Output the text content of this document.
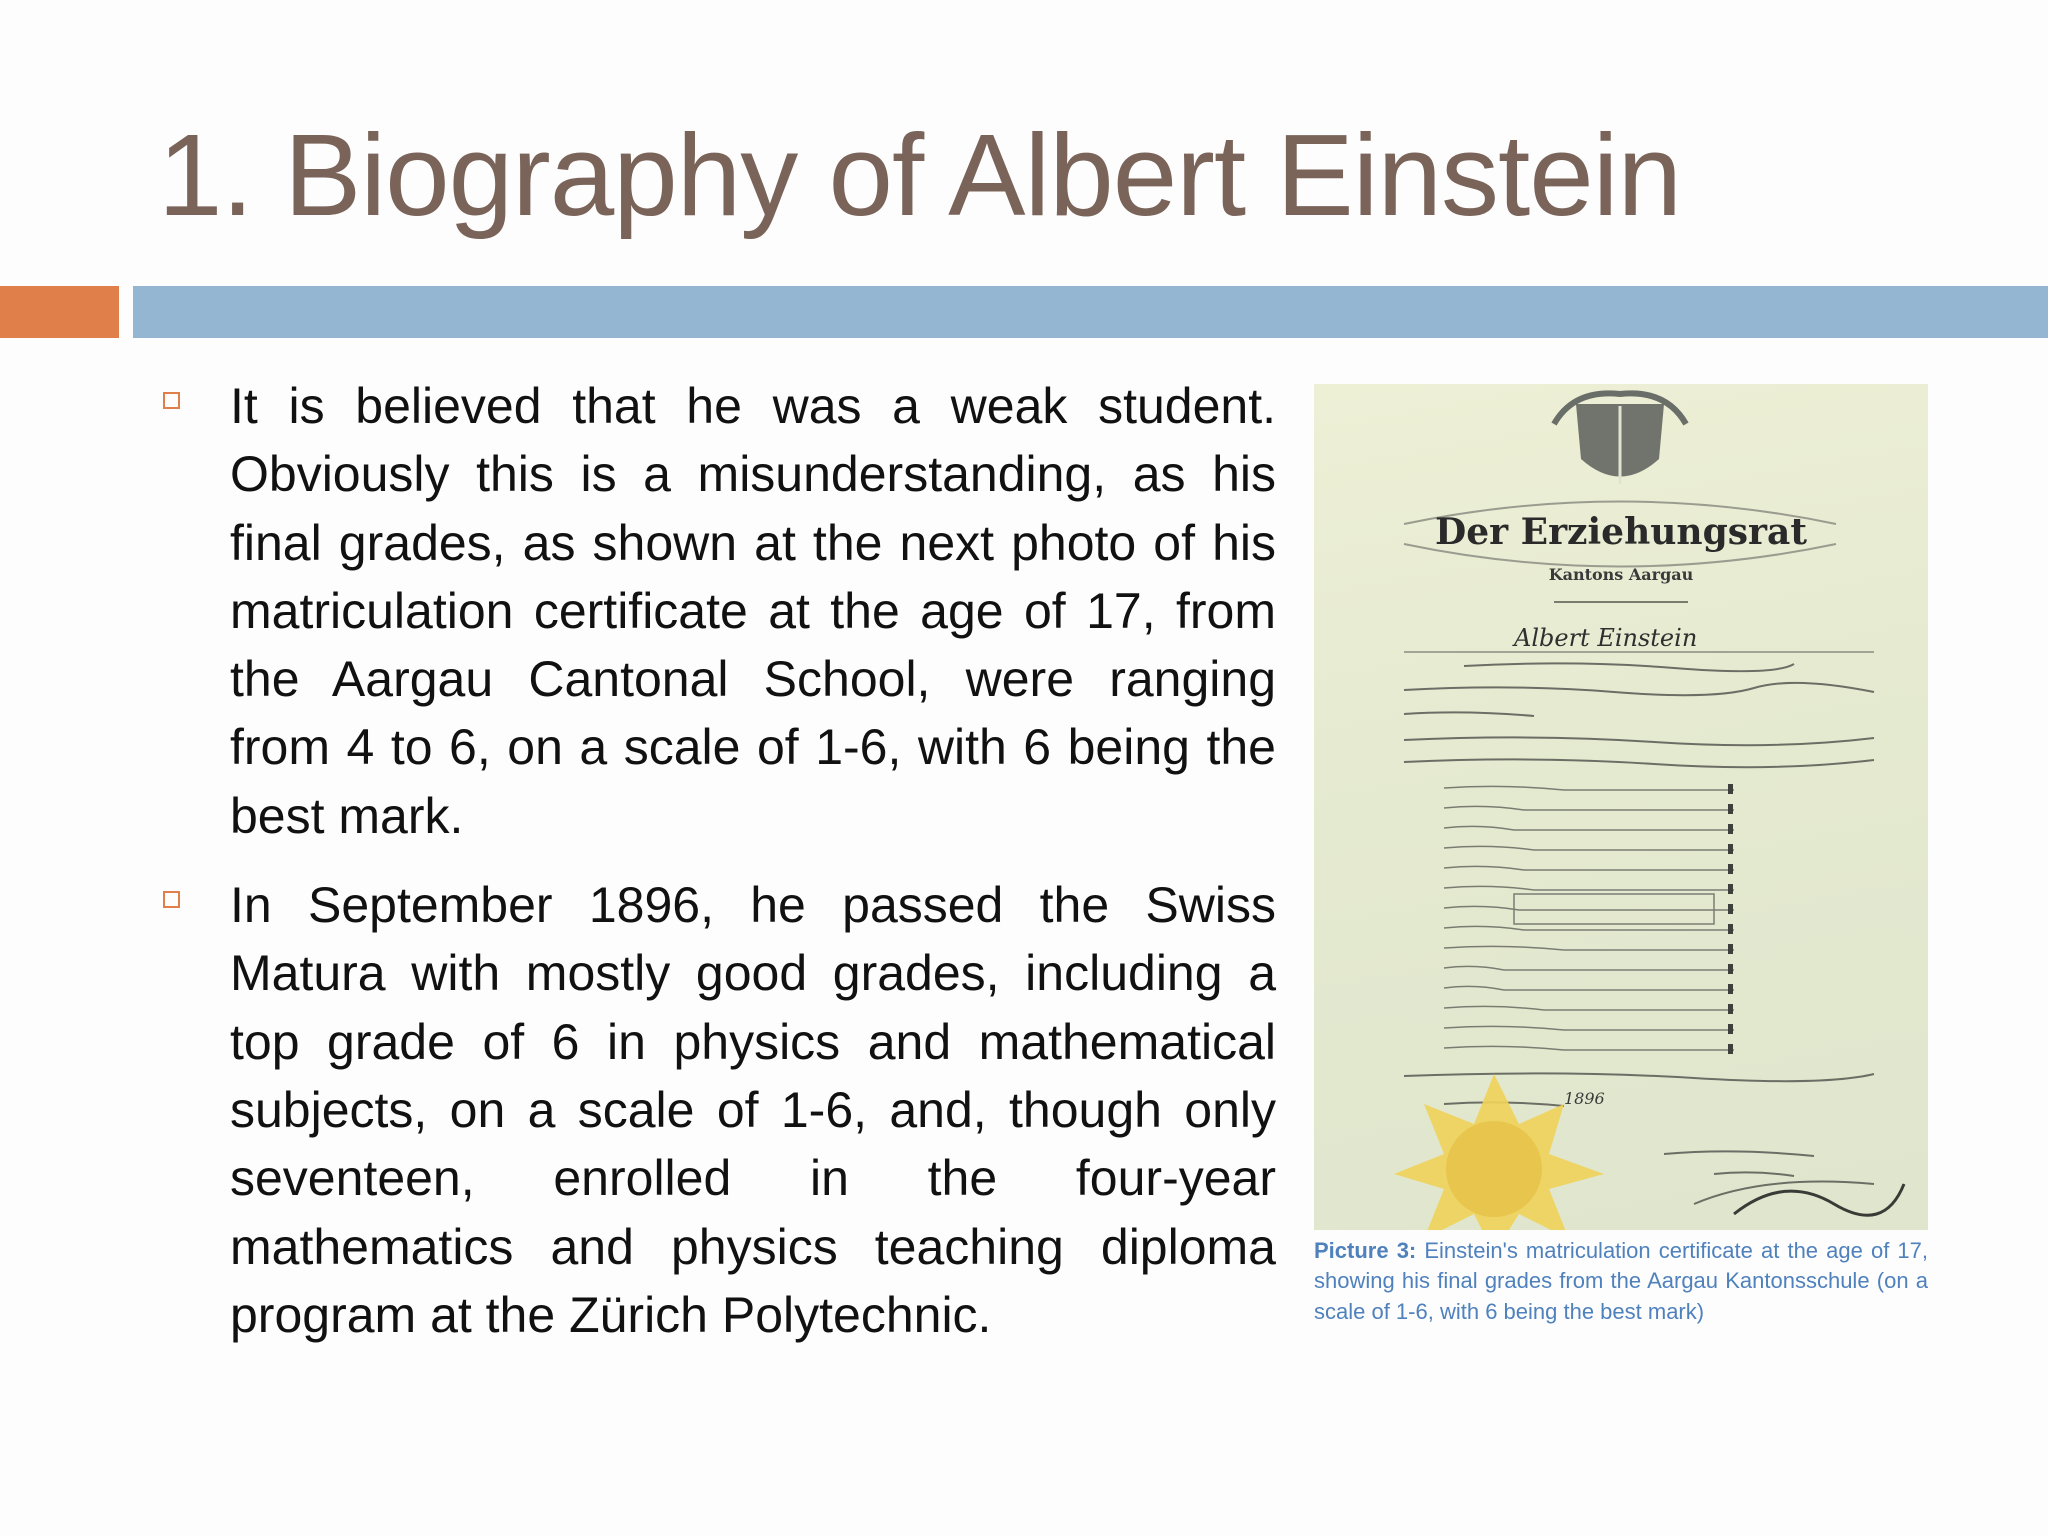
1. Biography of Albert Einstein
It is believed that he was a weak student. Obviously this is a misunderstanding, as his final grades, as shown at the next photo of his matriculation certificate at the age of 17, from the Aargau Cantonal School, were ranging from 4 to 6, on a scale of 1-6, with 6 being the best mark.
In September 1896, he passed the Swiss Matura with mostly good grades, including a top grade of 6 in physics and mathematical subjects, on a scale of 1-6, and, though only seventeen, enrolled in the four-year mathematics and physics teaching diploma program at the Zürich Polytechnic.
Der Erziehungsrat
Kantons Aargau
Albert Einstein
1896
Picture 3: Einstein's matriculation certificate at the age of 17, showing his final grades from the Aargau Kantonsschule (on a scale of 1-6, with 6 being the best mark)
